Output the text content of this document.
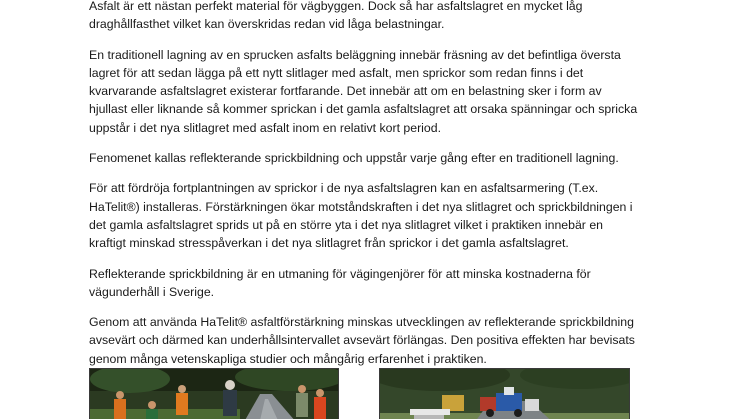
Asfalt är ett nästan perfekt material för vägbyggen. Dock så har asfaltslagret en mycket låg
draghållfasthet vilket kan överskridas redan vid låga belastningar.

En traditionell lagning av en sprucken asfalts beläggning innebär fräsning av det befintliga översta
lagret för att sedan lägga på ett nytt slitlager med asfalt, men sprickor som redan finns i det
kvarvarande asfaltslagret existerar fortfarande. Det innebär att om en belastning sker i form av
hjullast eller liknande så kommer sprickan i det gamla asfaltslagret att orsaka spänningar och spricka
uppstår i det nya slitlagret med asfalt inom en relativt kort period.

Fenomenet kallas reflekterande sprickbildning och uppstår varje gång efter en traditionell lagning.

För att fördröja fortplantningen av sprickor i de nya asfaltslagren kan en asfaltsarmering (T.ex.
HaTelit®) installeras. Förstärkningen ökar motståndskraften i det nya slitlagret och sprickbildningen i
det gamla asfaltslagret sprids ut på en större yta i det nya slitlagret vilket i praktiken innebär en
kraftigt minskad stresspåverkan i det nya slitlagret från sprickor i det gamla asfaltslagret.

Reflekterande sprickbildning är en utmaning för vägingenjörer för att minska kostnaderna för
vägunderhåll i Sverige.

Genom att använda HaTelit® asfaltförstärkning minskas utvecklingen av reflekterande sprickbildning
avsevärt och därmed kan underhållsintervallet avsevärt förlängas. Den positiva effekten har bevisats
genom många vetenskapliga studier och mångårig erfarenhet i praktiken.
